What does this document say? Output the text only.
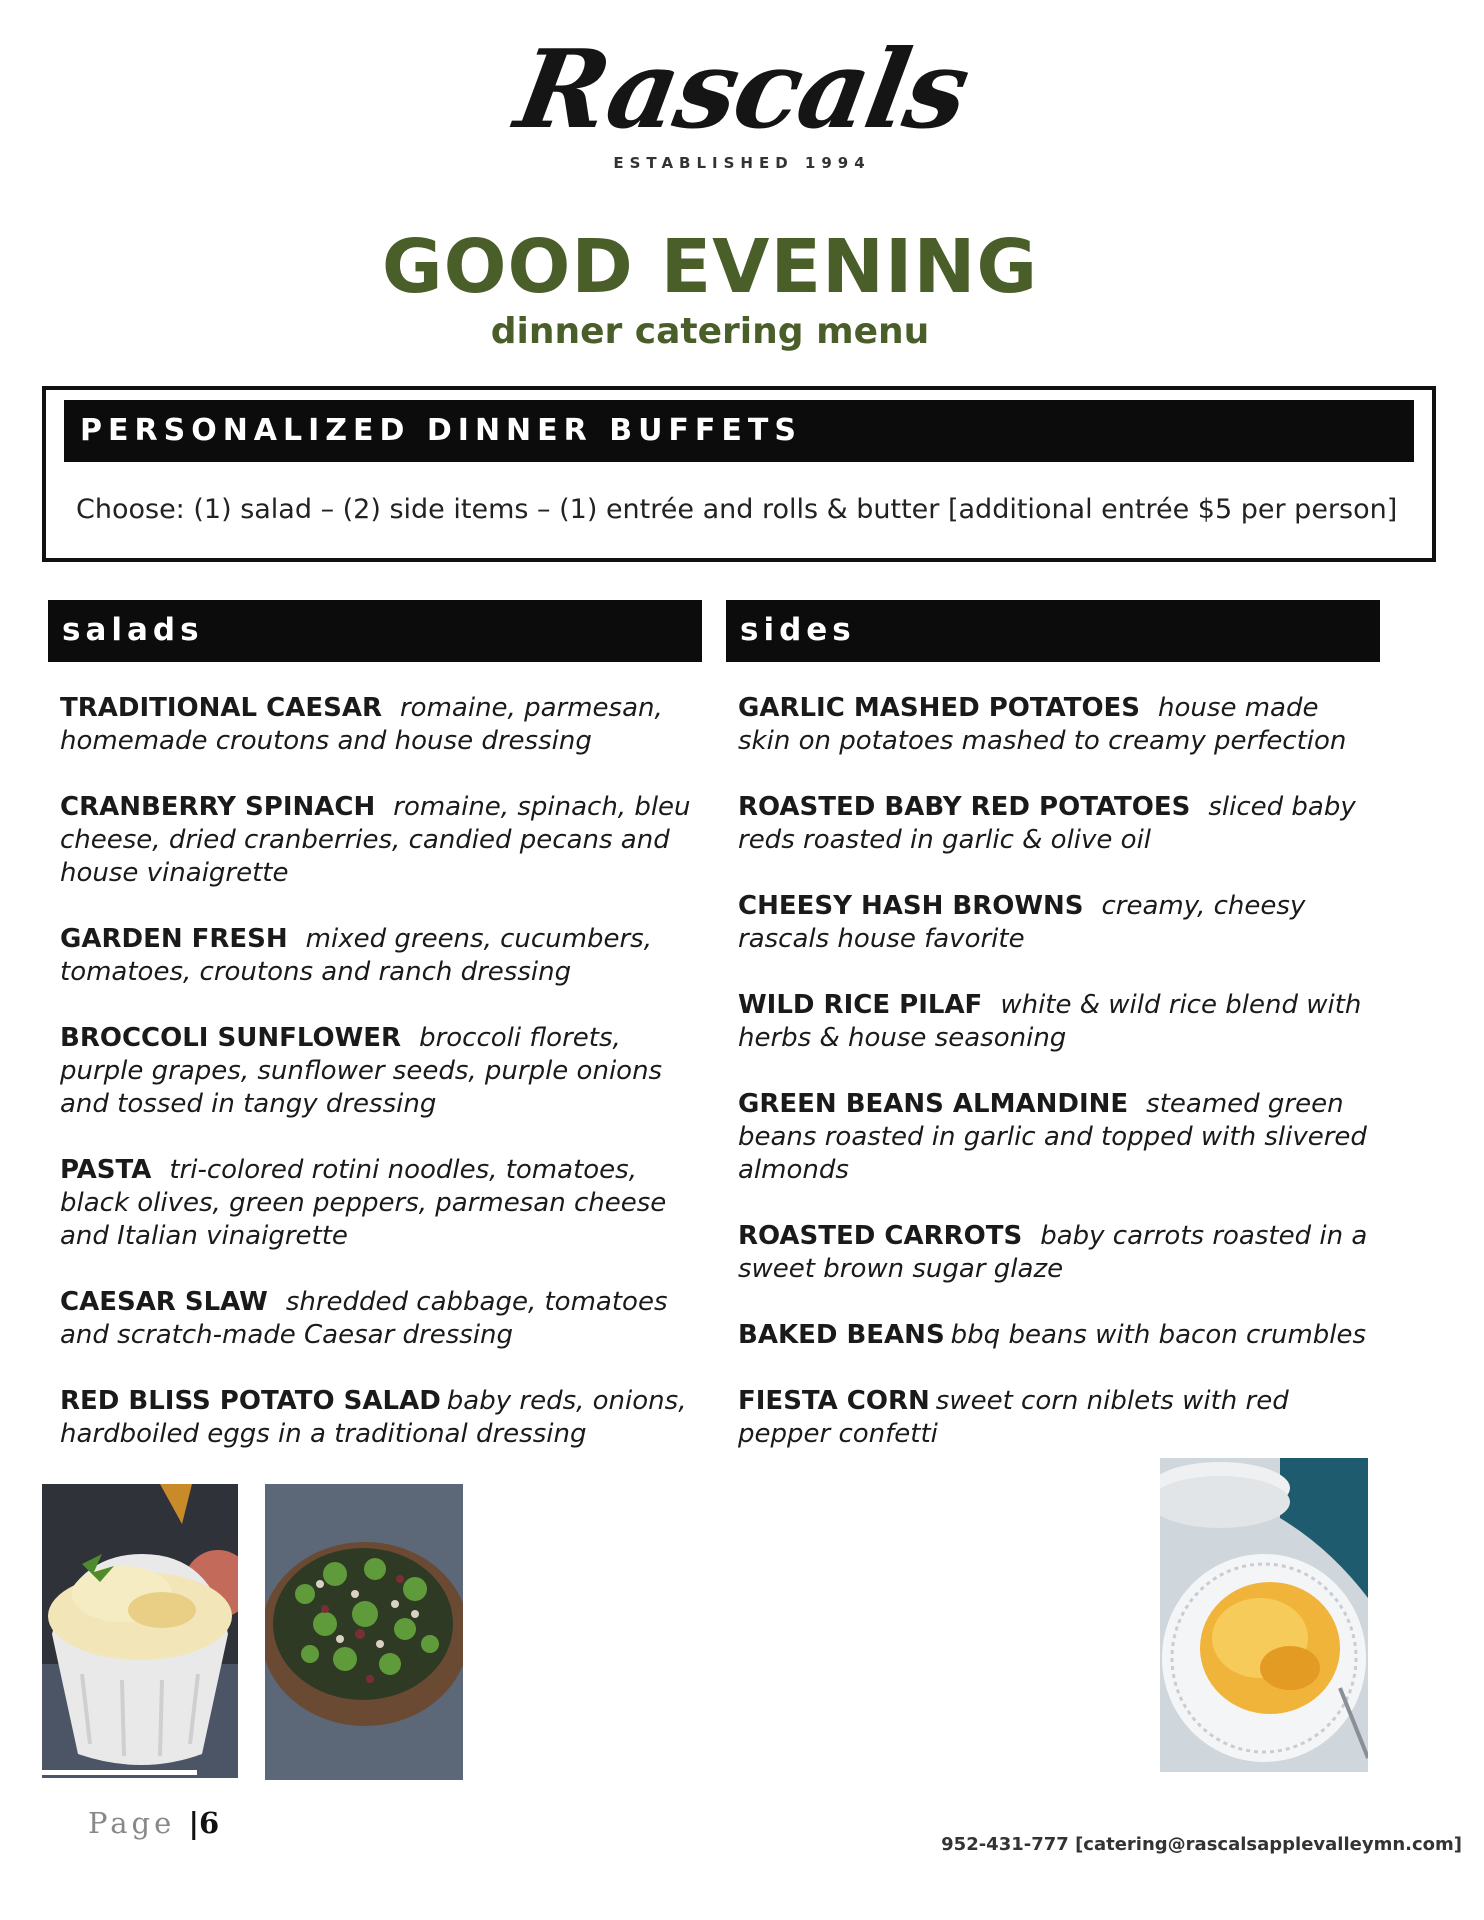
Rascals
ESTABLISHED 1994
GOOD EVENING
dinner catering menu
PERSONALIZED DINNER BUFFETS
Choose: (1) salad – (2) side items – (1) entrée and rolls & butter [additional entrée $5 per person]
salads	sides
TRADITIONAL CAESAR romaine, parmesan, homemade croutons and house dressing
CRANBERRY SPINACH romaine, spinach, bleu cheese, dried cranberries, candied pecans and house vinaigrette
GARDEN FRESH mixed greens, cucumbers, tomatoes, croutons and ranch dressing
BROCCOLI SUNFLOWER broccoli florets, purple grapes, sunflower seeds, purple onions and tossed in tangy dressing
PASTA tri-colored rotini noodles, tomatoes, black olives, green peppers, parmesan cheese and Italian vinaigrette
CAESAR SLAW shredded cabbage, tomatoes and scratch-made Caesar dressing
RED BLISS POTATO SALAD baby reds, onions, hardboiled eggs in a traditional dressing
GARLIC MASHED POTATOES house made skin on potatoes mashed to creamy perfection
ROASTED BABY RED POTATOES sliced baby reds roasted in garlic & olive oil
CHEESY HASH BROWNS creamy, cheesy rascals house favorite
WILD RICE PILAF white & wild rice blend with herbs & house seasoning
GREEN BEANS ALMANDINE steamed green beans roasted in garlic and topped with slivered almonds
ROASTED CARROTS baby carrots roasted in a sweet brown sugar glaze
BAKED BEANS bbq beans with bacon crumbles
FIESTA CORN sweet corn niblets with red pepper confetti
Page |6
952-431-777 [catering@rascalsapplevalleymn.com]
